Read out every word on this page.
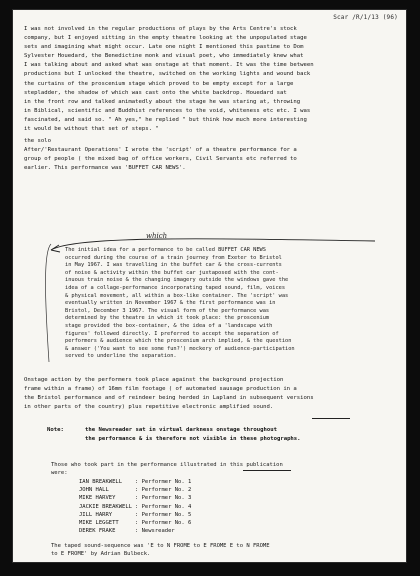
Scar /R/1/13 (96)
I was not involved in the regular productions of plays by the Arts Centre's stock
company, but I enjoyed sitting in the empty theatre looking at the unpopulated stage
sets and imagining what might occur. Late one night I mentioned this pastime to Dom
Sylvester Houedard, the Benedictine monk and visual poet, who immediately knew what
I was talking about and asked what was onstage at that moment. It was the time between
productions but I unlocked the theatre, switched on the working lights and wound back
the curtains of the proscenium stage which proved to be empty except for a large
stepladder, the shadow of which was cast onto the white backdrop. Houedard sat
in the front row and talked animatedly about the stage he was staring at, throwing
in Biblical, scientific and Buddhist references to the void, whiteness etc etc. I was
fascinated, and said so. " Ah yes," he replied " but think how much more interesting
it would be without that set of steps. "
the solo
After/'Restaurant Operations' I wrote the 'script' of a theatre performance for a
group of people ( the mixed bag of office workers, Civil Servants etc referred to
earlier. This performance was 'BUFFET CAR NEWS'.
which
The initial idea for a performance to be called BUFFET CAR NEWS
occurred during the course of a train journey from Exeter to Bristol
in May 1967. I was travelling in the buffet car & the cross-currents
of noise & activity within the buffet car juxtaposed with the cont-
inuous train noise & the changing imagery outside the windows gave the
idea of a collage-performance incorporating taped sound, film, voices
& physical movement, all within a box-like container. The 'script' was
eventually written in November 1967 & the first performance was in
Bristol, December 3 1967. The visual form of the performance was
determined by the theatre in which it took place: the proscenium
stage provided the box-container, & the idea of a 'landscape with
figures' followed directly. I preferred to accept the separation of
performers & audience which the proscenium arch implied, & the question
& answer ('You want to see some fun?') mockery of audience-participation
served to underline the separation.
Onstage action by the performers took place against the background projection
frame within a frame) of 16mm film footage ( of automated sausage production in a
the Bristol performance and of reindeer being herded in Lapland in subsequent versions
in other parts of the country) plus repetitive electronic amplified sound.
Note:	the Newsreader sat in virtual darkness onstage throughout
the performance & is therefore not visible in these photographs.
Those who took part in the performance illustrated in this publication
were:
IAN BREAKWELL	: Performer No. 1
JOHN HALL	: Performer No. 2
MIKE HARVEY	: Performer No. 3
JACKIE BREAKWELL	: Performer No. 4
JILL HARRY	: Performer No. 5
MIKE LEGGETT	: Performer No. 6
DEREK FRAKE	: Newsreader
The taped sound-sequence was 'E to N FROME to E FROME E to N FROME
to E FROME' by Adrian Bulbeck.
